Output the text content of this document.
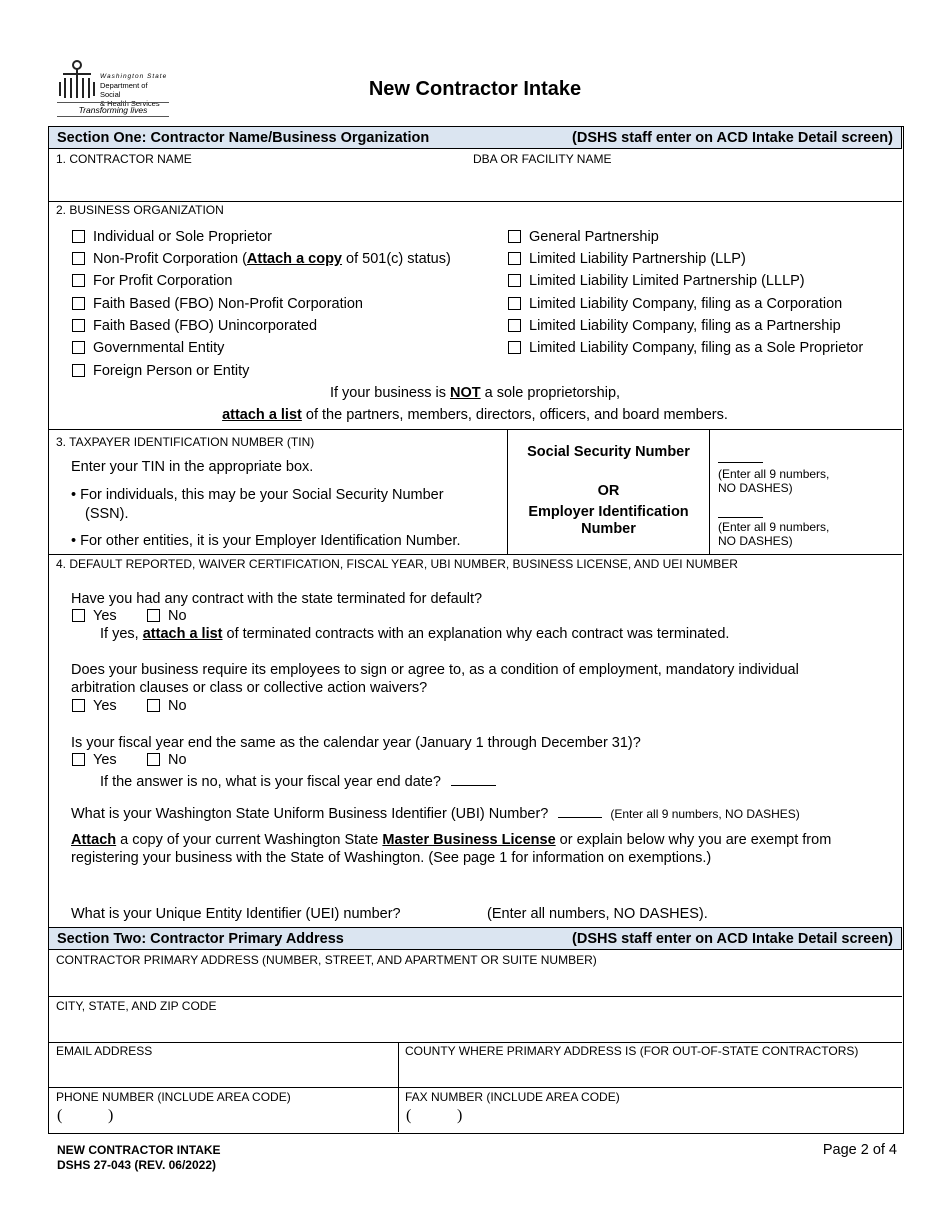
Washington State
Department of Social
& Health Services
Transforming lives
New Contractor Intake
Section One: Contractor Name/Business Organization	(DSHS staff enter on ACD Intake Detail screen)
1. CONTRACTOR NAME	DBA OR FACILITY NAME
2. BUSINESS ORGANIZATION
Individual or Sole Proprietor
Non-Profit Corporation (Attach a copy of 501(c) status)
For Profit Corporation
Faith Based (FBO) Non-Profit Corporation
Faith Based (FBO) Unincorporated
Governmental Entity
Foreign Person or Entity
General Partnership
Limited Liability Partnership (LLP)
Limited Liability Limited Partnership (LLLP)
Limited Liability Company, filing as a Corporation
Limited Liability Company, filing as a Partnership
Limited Liability Company, filing as a Sole Proprietor
If your business is NOT a sole proprietorship,
attach a list of the partners, members, directors, officers, and board members.
3. TAXPAYER IDENTIFICATION NUMBER (TIN)
Enter your TIN in the appropriate box.
• For individuals, this may be your Social Security Number
(SSN).
• For other entities, it is your Employer Identification Number.
Social Security Number
OR
Employer Identification
Number
(Enter all 9 numbers,
NO DASHES)
(Enter all 9 numbers,
NO DASHES)
4. DEFAULT REPORTED, WAIVER CERTIFICATION, FISCAL YEAR, UBI NUMBER, BUSINESS LICENSE, AND UEI NUMBER
Have you had any contract with the state terminated for default?
Yes	No
If yes, attach a list of terminated contracts with an explanation why each contract was terminated.
Does your business require its employees to sign or agree to, as a condition of employment, mandatory individual
arbitration clauses or class or collective action waivers?
Yes	No
Is your fiscal year end the same as the calendar year (January 1 through December 31)?
Yes	No
If the answer is no, what is your fiscal year end date?
What is your Washington State Uniform Business Identifier (UBI) Number?	(Enter all 9 numbers, NO DASHES)
Attach a copy of your current Washington State Master Business License or explain below why you are exempt from
registering your business with the State of Washington. (See page 1 for information on exemptions.)
What is your Unique Entity Identifier (UEI) number?	(Enter all numbers, NO DASHES).
Section Two: Contractor Primary Address	(DSHS staff enter on ACD Intake Detail screen)
CONTRACTOR PRIMARY ADDRESS (NUMBER, STREET, AND APARTMENT OR SUITE NUMBER)
CITY, STATE, AND ZIP CODE
EMAIL ADDRESS	COUNTY WHERE PRIMARY ADDRESS IS (FOR OUT-OF-STATE CONTRACTORS)
PHONE NUMBER (INCLUDE AREA CODE)
(	)
FAX NUMBER (INCLUDE AREA CODE)
(	)
NEW CONTRACTOR INTAKE
DSHS 27-043 (REV. 06/2022)
Page 2 of 4
